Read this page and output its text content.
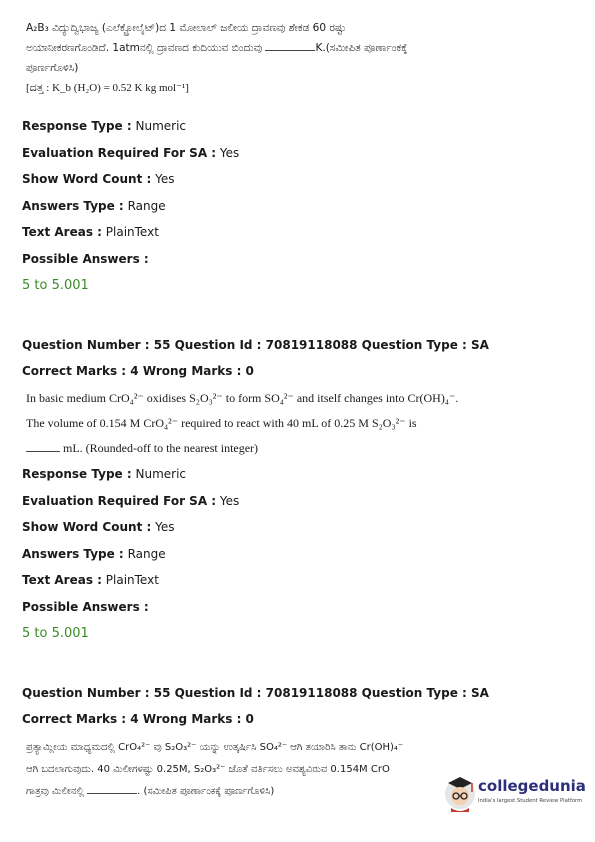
A₂B₃ ವಿದ್ಯುದ್ವಿಭಾಜ್ಯ (ಎಲೆಕ್ಟ್ರೋಲೈಟ್)ದ 1 ಮೋಲಾಲ್ ಜಲೀಯ ದ್ರಾವಣವು ಶೇಕಡ 60 ರಷ್ಟು
ಅಯಾನೀಕರಣಗೊಂಡಿದೆ. 1atmನಲ್ಲಿ ದ್ರಾವಣದ ಕುದಿಯುವ ಬಿಂದುವು	K.(ಸಮೀಪಿತ ಪೂರ್ಣಾಂಕಕ್ಕೆ
ಪೂರ್ಣಗೊಳಿಸಿ)
[ದತ್ತ : K_b (H₂O) = 0.52 K kg mol⁻¹]
Response Type : Numeric
Evaluation Required For SA : Yes
Show Word Count : Yes
Answers Type : Range
Text Areas : PlainText
Possible Answers :
5 to 5.001
Question Number : 55 Question Id : 70819118088 Question Type : SA
Correct Marks : 4 Wrong Marks : 0
In basic medium CrO₄²⁻ oxidises S₂O₃²⁻ to form SO₄²⁻ and itself changes into Cr(OH)₄⁻.
The volume of 0.154 M CrO₄²⁻ required to react with 40 mL of 0.25 M S₂O₃²⁻ is
mL. (Rounded-off to the nearest integer)
Response Type : Numeric
Evaluation Required For SA : Yes
Show Word Count : Yes
Answers Type : Range
Text Areas : PlainText
Possible Answers :
5 to 5.001
Question Number : 55 Question Id : 70819118088 Question Type : SA
Correct Marks : 4 Wrong Marks : 0
ಪ್ರತ್ಯಾಮ್ಲೀಯ ಮಾಧ್ಯಮದಲ್ಲಿ CrO₄²⁻ ವು S₂O₃²⁻ ಯನ್ನು ಉತ್ಕರ್ಷಿಸಿ SO₄²⁻ ಆಗಿ ತಯಾರಿಸಿ ತಾನು Cr(OH)₄⁻
ಆಗಿ ಬದಲಾಗುವುದು. 40 ಮಿಲೀಗಳಷ್ಟು 0.25M, S₂O₃²⁻ ಜೊತೆ ವರ್ತಿಸಲು ಅವಶ್ಯವಿರುವ 0.154M CrO
ಗಾತ್ರವು ಮಿಲೀನಲ್ಲಿ	. (ಸಮೀಪಿತ ಪೂರ್ಣಾಂಕಕ್ಕೆ ಪೂರ್ಣಗೊಳಿಸಿ)	collegedunia
India's largest Student Review Platform
